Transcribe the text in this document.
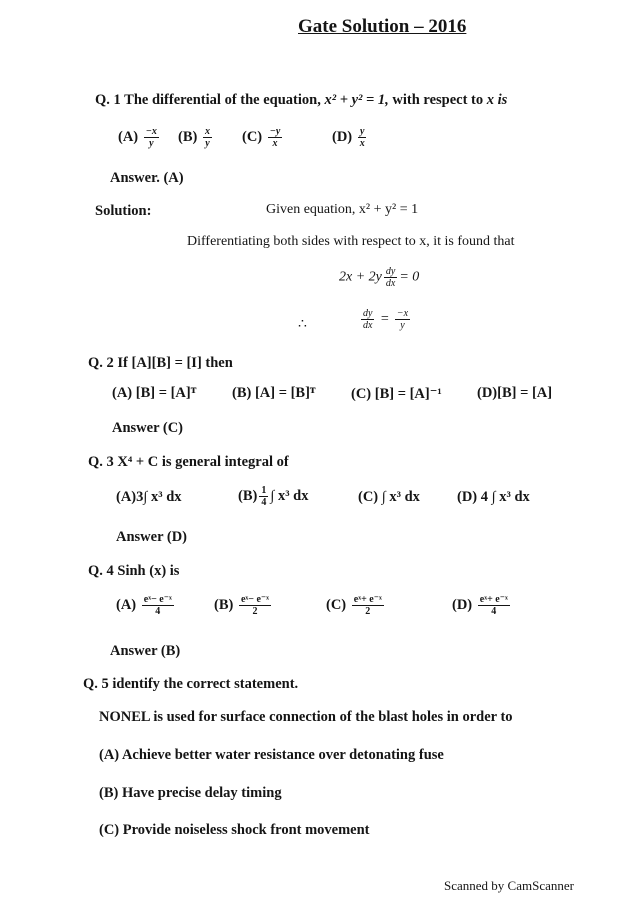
Gate Solution – 2016
Q. 1 The differential of the equation, x² + y² = 1, with respect to x is
$(A) \frac{-x}{y} (B) \frac{x}{y} (C) \frac{-y}{x}$	$(D) \frac{y}{x}$
Answer. (A)
Solution:	Given equation, x² + y² = 1
Differentiating both sides with respect to x, it is found that
$2x + 2y \frac{dy}{dx} = 0$
∴	$\frac{dy}{dx} = \frac{-x}{y}$
Q. 2 If [A][B] = [I] then
(A) [B] = [A]ᵀ (B) [A] = [B]ᵀ (C) [B] = [A]⁻¹ (D)[B] = [A]
Answer (C)
Q. 3 X⁴ + C is general integral of
(A)3∫ x³ dx	$(B) \frac{1}{4}$ ∫ x³ dx	(C) ∫ x³ dx	(D) 4 ∫ x³ dx
Answer (D)
Q. 4 Sinh (x) is
$(A) \frac{\text{eˣ− e⁻ˣ}}{4}$	$(B) \frac{\text{eˣ− e⁻ˣ}}{2}$	$(C) \frac{\text{eˣ+ e⁻ˣ}}{2}$	$(D) \frac{\text{eˣ+ e⁻ˣ}}{4}$
Answer (B)
Q. 5 identify the correct statement.
NONEL is used for surface connection of the blast holes in order to
(A) Achieve better water resistance over detonating fuse
(B) Have precise delay timing
(C) Provide noiseless shock front movement
Scanned by CamScanner
